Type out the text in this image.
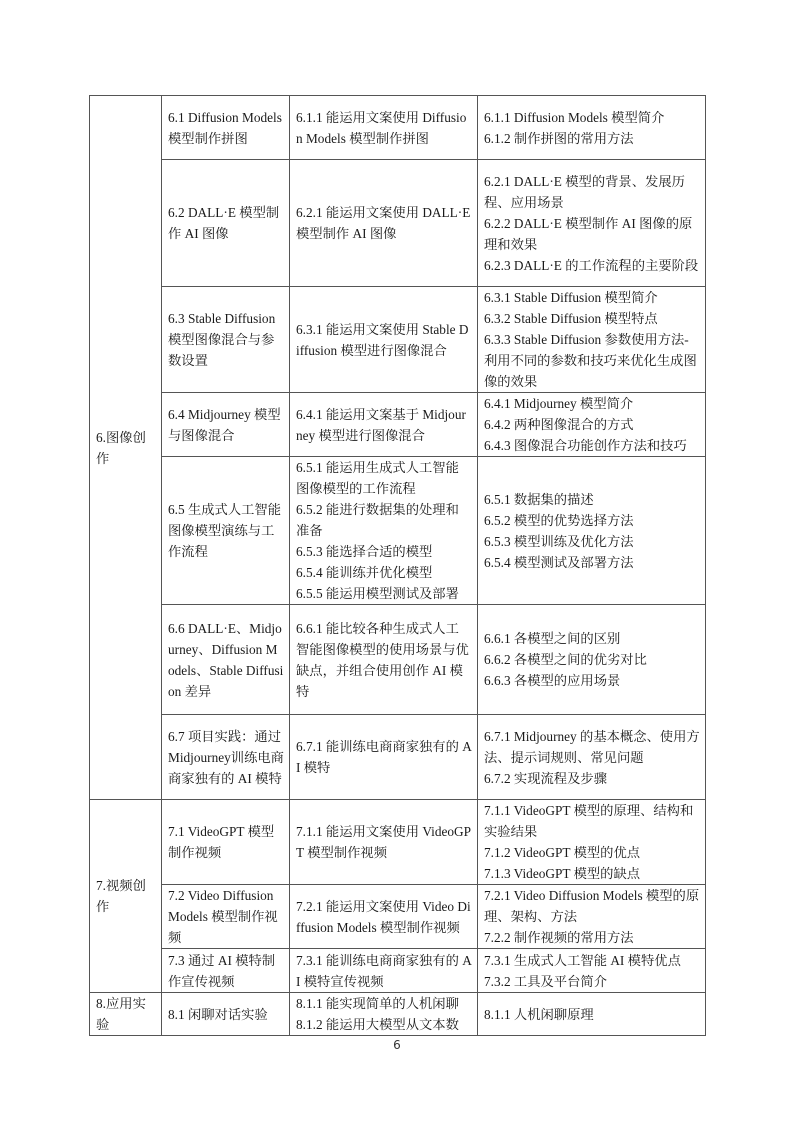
6.图像创作	6.1 Diffusion Models 模型制作拼图	6.1.1 能运用文案使用 Diffusion Models 模型制作拼图	6.1.1 Diffusion Models 模型简介
6.1.2 制作拼图的常用方法

	6.2 DALL·E 模型制作 AI 图像	6.2.1 能运用文案使用 DALL·E 模型制作 AI 图像	6.2.1 DALL·E 模型的背景、发展历程、应用场景
6.2.2 DALL·E 模型制作 AI 图像的原理和效果
6.2.3 DALL·E 的工作流程的主要阶段

	6.3 Stable Diffusion 模型图像混合与参数设置	6.3.1 能运用文案使用 Stable Diffusion 模型进行图像混合	6.3.1 Stable Diffusion 模型简介
6.3.2 Stable Diffusion 模型特点
6.3.3 Stable Diffusion 参数使用方法-利用不同的参数和技巧来优化生成图像的效果

	6.4 Midjourney 模型与图像混合	6.4.1 能运用文案基于 Midjourney 模型进行图像混合	6.4.1 Midjourney 模型简介
6.4.2 两种图像混合的方式
6.4.3 图像混合功能创作方法和技巧

	6.5 生成式人工智能图像模型演练与工作流程	6.5.1 能运用生成式人工智能图像模型的工作流程
6.5.2 能进行数据集的处理和准备
6.5.3 能选择合适的模型
6.5.4 能训练并优化模型
6.5.5 能运用模型测试及部署	6.5.1 数据集的描述
6.5.2 模型的优势选择方法
6.5.3 模型训练及优化方法
6.5.4 模型测试及部署方法

	6.6 DALL·E、Midjourney、Diffusion Models、Stable Diffusion 差异	6.6.1 能比较各种生成式人工智能图像模型的使用场景与优缺点，并组合使用创作 AI 模特	6.6.1 各模型之间的区别
6.6.2 各模型之间的优劣对比
6.6.3 各模型的应用场景

	6.7 项目实践：通过Midjourney训练电商商家独有的 AI 模特	6.7.1 能训练电商商家独有的 AI 模特	6.7.1 Midjourney 的基本概念、使用方法、提示词规则、常见问题
6.7.2 实现流程及步骤

7.视频创作	7.1 VideoGPT 模型制作视频	7.1.1 能运用文案使用 VideoGPT 模型制作视频	7.1.1 VideoGPT 模型的原理、结构和实验结果
7.1.2 VideoGPT 模型的优点
7.1.3 VideoGPT 模型的缺点

	7.2 Video Diffusion Models 模型制作视频	7.2.1 能运用文案使用 Video Diffusion Models 模型制作视频	7.2.1 Video Diffusion Models 模型的原理、架构、方法
7.2.2 制作视频的常用方法

	7.3 通过 AI 模特制作宣传视频	7.3.1 能训练电商商家独有的 AI 模特宣传视频	7.3.1 生成式人工智能 AI 模特优点
7.3.2 工具及平台简介

8.应用实验	8.1 闲聊对话实验	8.1.1 能实现简单的人机闲聊
8.1.2 能运用大模型从文本数	8.1.1 人机闲聊原理
6
